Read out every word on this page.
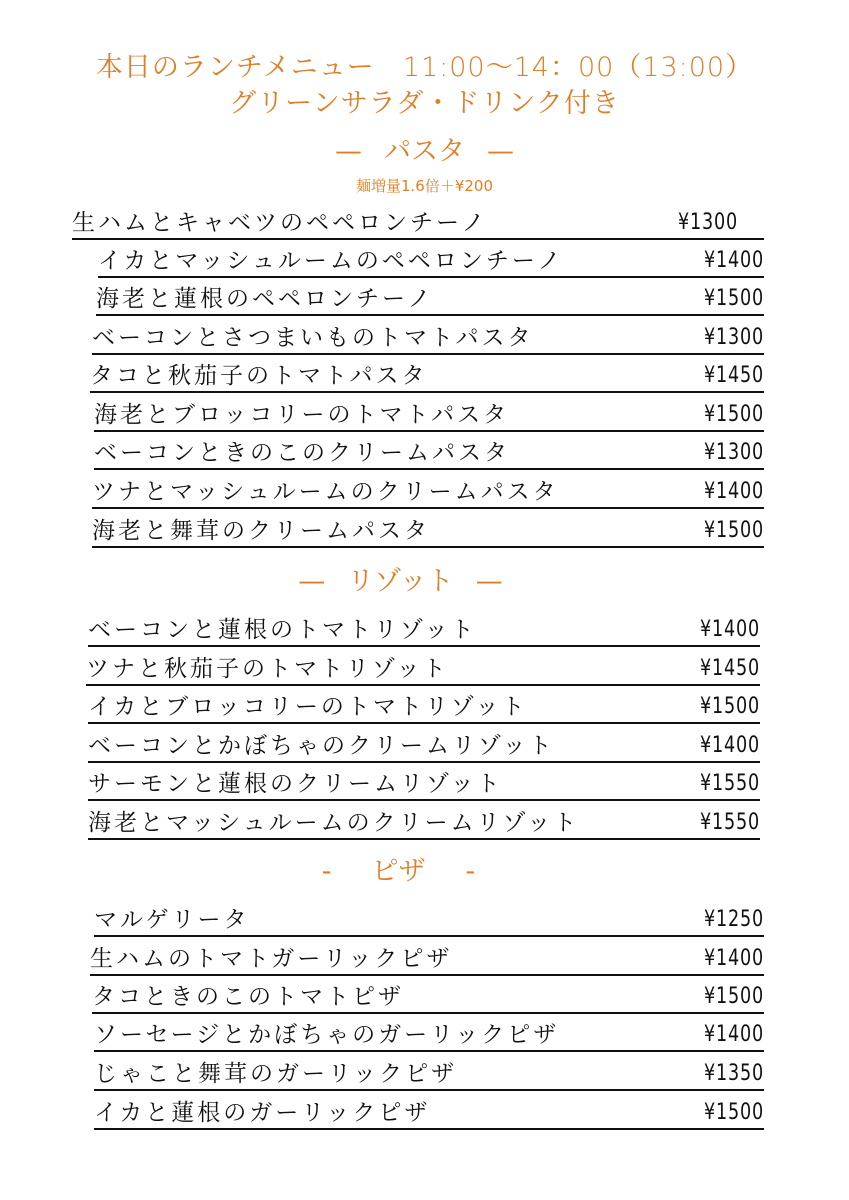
本日のランチメニュー　11:00〜14：00（13:00）
グリーンサラダ・ドリンク付き
— パスタ —
麺増量1.6倍＋¥200
生ハムとキャベツのペペロンチーノ	¥1300
イカとマッシュルームのペペロンチーノ	¥1400
海老と蓮根のペペロンチーノ	¥1500
ベーコンとさつまいものトマトパスタ	¥1300
タコと秋茄子のトマトパスタ	¥1450
海老とブロッコリーのトマトパスタ	¥1500
ベーコンときのこのクリームパスタ	¥1300
ツナとマッシュルームのクリームパスタ	¥1400
海老と舞茸のクリームパスタ	¥1500
— リゾット —
ベーコンと蓮根のトマトリゾット	¥1400
ツナと秋茄子のトマトリゾット	¥1450
イカとブロッコリーのトマトリゾット	¥1500
ベーコンとかぼちゃのクリームリゾット	¥1400
サーモンと蓮根のクリームリゾット	¥1550
海老とマッシュルームのクリームリゾット	¥1550
- ピザ -
マルゲリータ	¥1250
生ハムのトマトガーリックピザ	¥1400
タコときのこのトマトピザ	¥1500
ソーセージとかぼちゃのガーリックピザ	¥1400
じゃこと舞茸のガーリックピザ	¥1350
イカと蓮根のガーリックピザ	¥1500
